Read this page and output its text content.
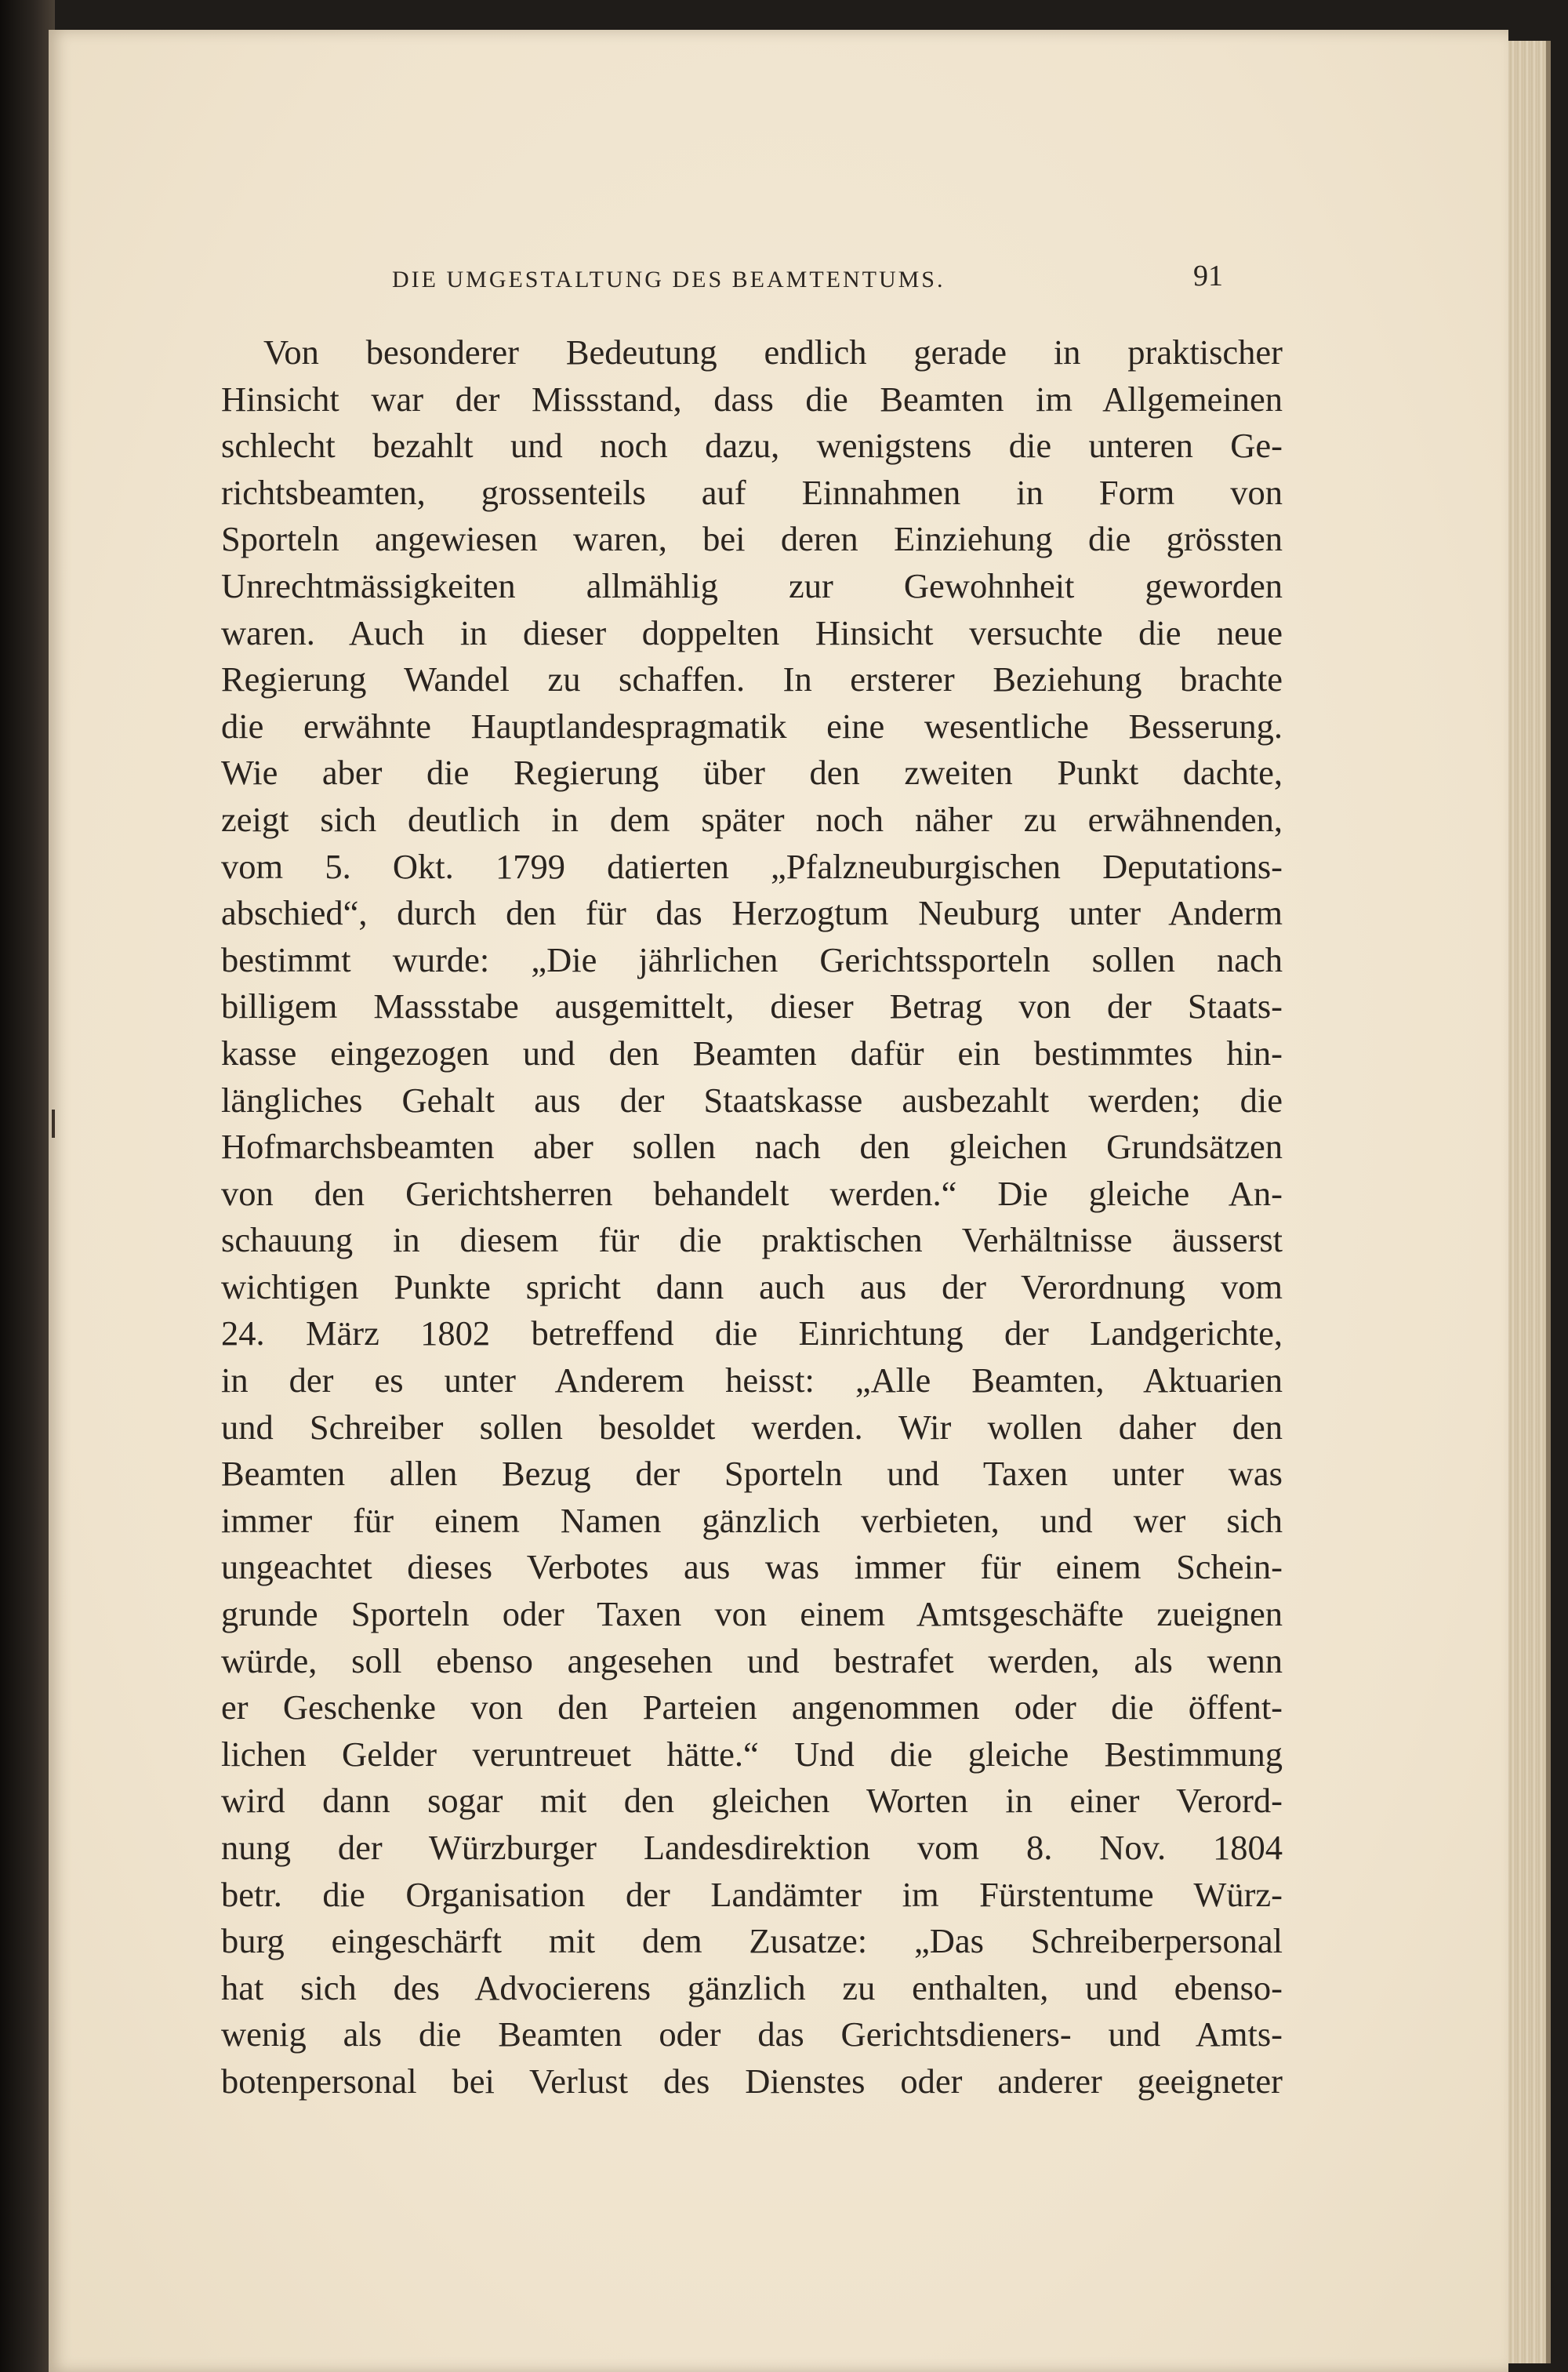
DIE UMGESTALTUNG DES BEAMTENTUMS.	91
Von besonderer Bedeutung endlich gerade in praktischer
Hinsicht war der Missstand, dass die Beamten im Allgemeinen
schlecht bezahlt und noch dazu, wenigstens die unteren Ge-
richtsbeamten, grossenteils auf Einnahmen in Form von
Sporteln angewiesen waren, bei deren Einziehung die grössten
Unrechtmässigkeiten allmählig zur Gewohnheit geworden
waren. Auch in dieser doppelten Hinsicht versuchte die neue
Regierung Wandel zu schaffen. In ersterer Beziehung brachte
die erwähnte Hauptlandespragmatik eine wesentliche Besserung.
Wie aber die Regierung über den zweiten Punkt dachte,
zeigt sich deutlich in dem später noch näher zu erwähnenden,
vom 5. Okt. 1799 datierten „Pfalzneuburgischen Deputations-
abschied“, durch den für das Herzogtum Neuburg unter Anderm
bestimmt wurde: „Die jährlichen Gerichtssporteln sollen nach
billigem Massstabe ausgemittelt, dieser Betrag von der Staats-
kasse eingezogen und den Beamten dafür ein bestimmtes hin-
längliches Gehalt aus der Staatskasse ausbezahlt werden; die
Hofmarchsbeamten aber sollen nach den gleichen Grundsätzen
von den Gerichtsherren behandelt werden.“ Die gleiche An-
schauung in diesem für die praktischen Verhältnisse äusserst
wichtigen Punkte spricht dann auch aus der Verordnung vom
24. März 1802 betreffend die Einrichtung der Landgerichte,
in der es unter Anderem heisst: „Alle Beamten, Aktuarien
und Schreiber sollen besoldet werden. Wir wollen daher den
Beamten allen Bezug der Sporteln und Taxen unter was
immer für einem Namen gänzlich verbieten, und wer sich
ungeachtet dieses Verbotes aus was immer für einem Schein-
grunde Sporteln oder Taxen von einem Amtsgeschäfte zueignen
würde, soll ebenso angesehen und bestrafet werden, als wenn
er Geschenke von den Parteien angenommen oder die öffent-
lichen Gelder veruntreuet hätte.“ Und die gleiche Bestimmung
wird dann sogar mit den gleichen Worten in einer Verord-
nung der Würzburger Landesdirektion vom 8. Nov. 1804
betr. die Organisation der Landämter im Fürstentume Würz-
burg eingeschärft mit dem Zusatze: „Das Schreiberpersonal
hat sich des Advocierens gänzlich zu enthalten, und ebenso-
wenig als die Beamten oder das Gerichtsdieners- und Amts-
botenpersonal bei Verlust des Dienstes oder anderer geeigneter
